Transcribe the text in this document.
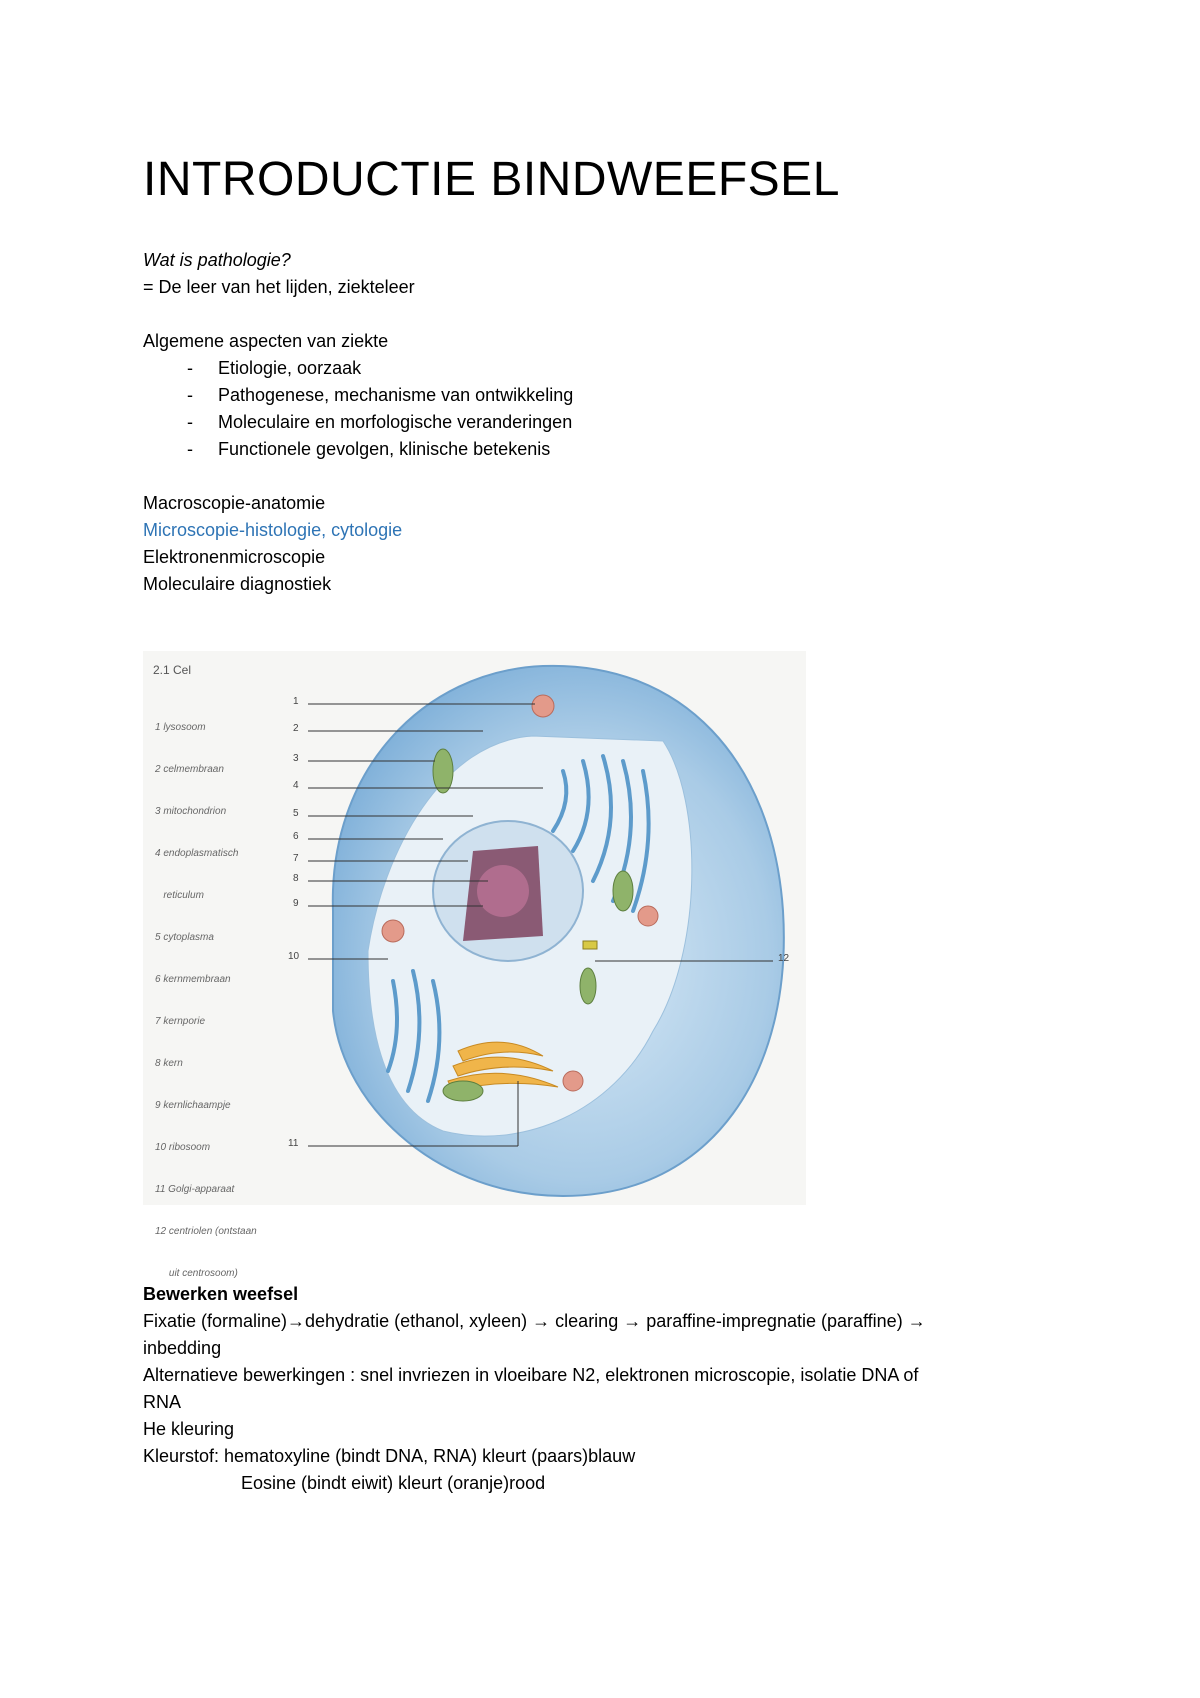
INTRODUCTIE BINDWEEFSEL
Wat is pathologie?
= De leer van het lijden, ziekteleer
Algemene aspecten van ziekte
- Etiologie, oorzaak
- Pathogenese, mechanisme van ontwikkeling
- Moleculaire en morfologische veranderingen
- Functionele gevolgen, klinische betekenis
Macroscopie-anatomie
Microscopie-histologie, cytologie
Elektronenmicroscopie
Moleculaire diagnostiek
2.1 Cel

1 lysosoom

2 celmembraan

3 mitochondrion

4 endoplasmatisch

reticulum

5 cytoplasma

6 kernmembraan

7 kernporie

8 kern

9 kernlichaampje

10 ribosoom

11 Golgi-apparaat

12 centriolen (ontstaan

uit centrosoom)

1
2
3
4
5
6
7
8
9
10
11
12
Bewerken weefsel
Fixatie (formaline)→dehydratie (ethanol, xyleen) → clearing → paraffine-impregnatie (paraffine) →
inbedding
Alternatieve bewerkingen : snel invriezen in vloeibare N2, elektronen microscopie, isolatie DNA of
RNA
He kleuring
Kleurstof: hematoxyline (bindt DNA, RNA) kleurt (paars)blauw
Eosine (bindt eiwit) kleurt (oranje)rood
